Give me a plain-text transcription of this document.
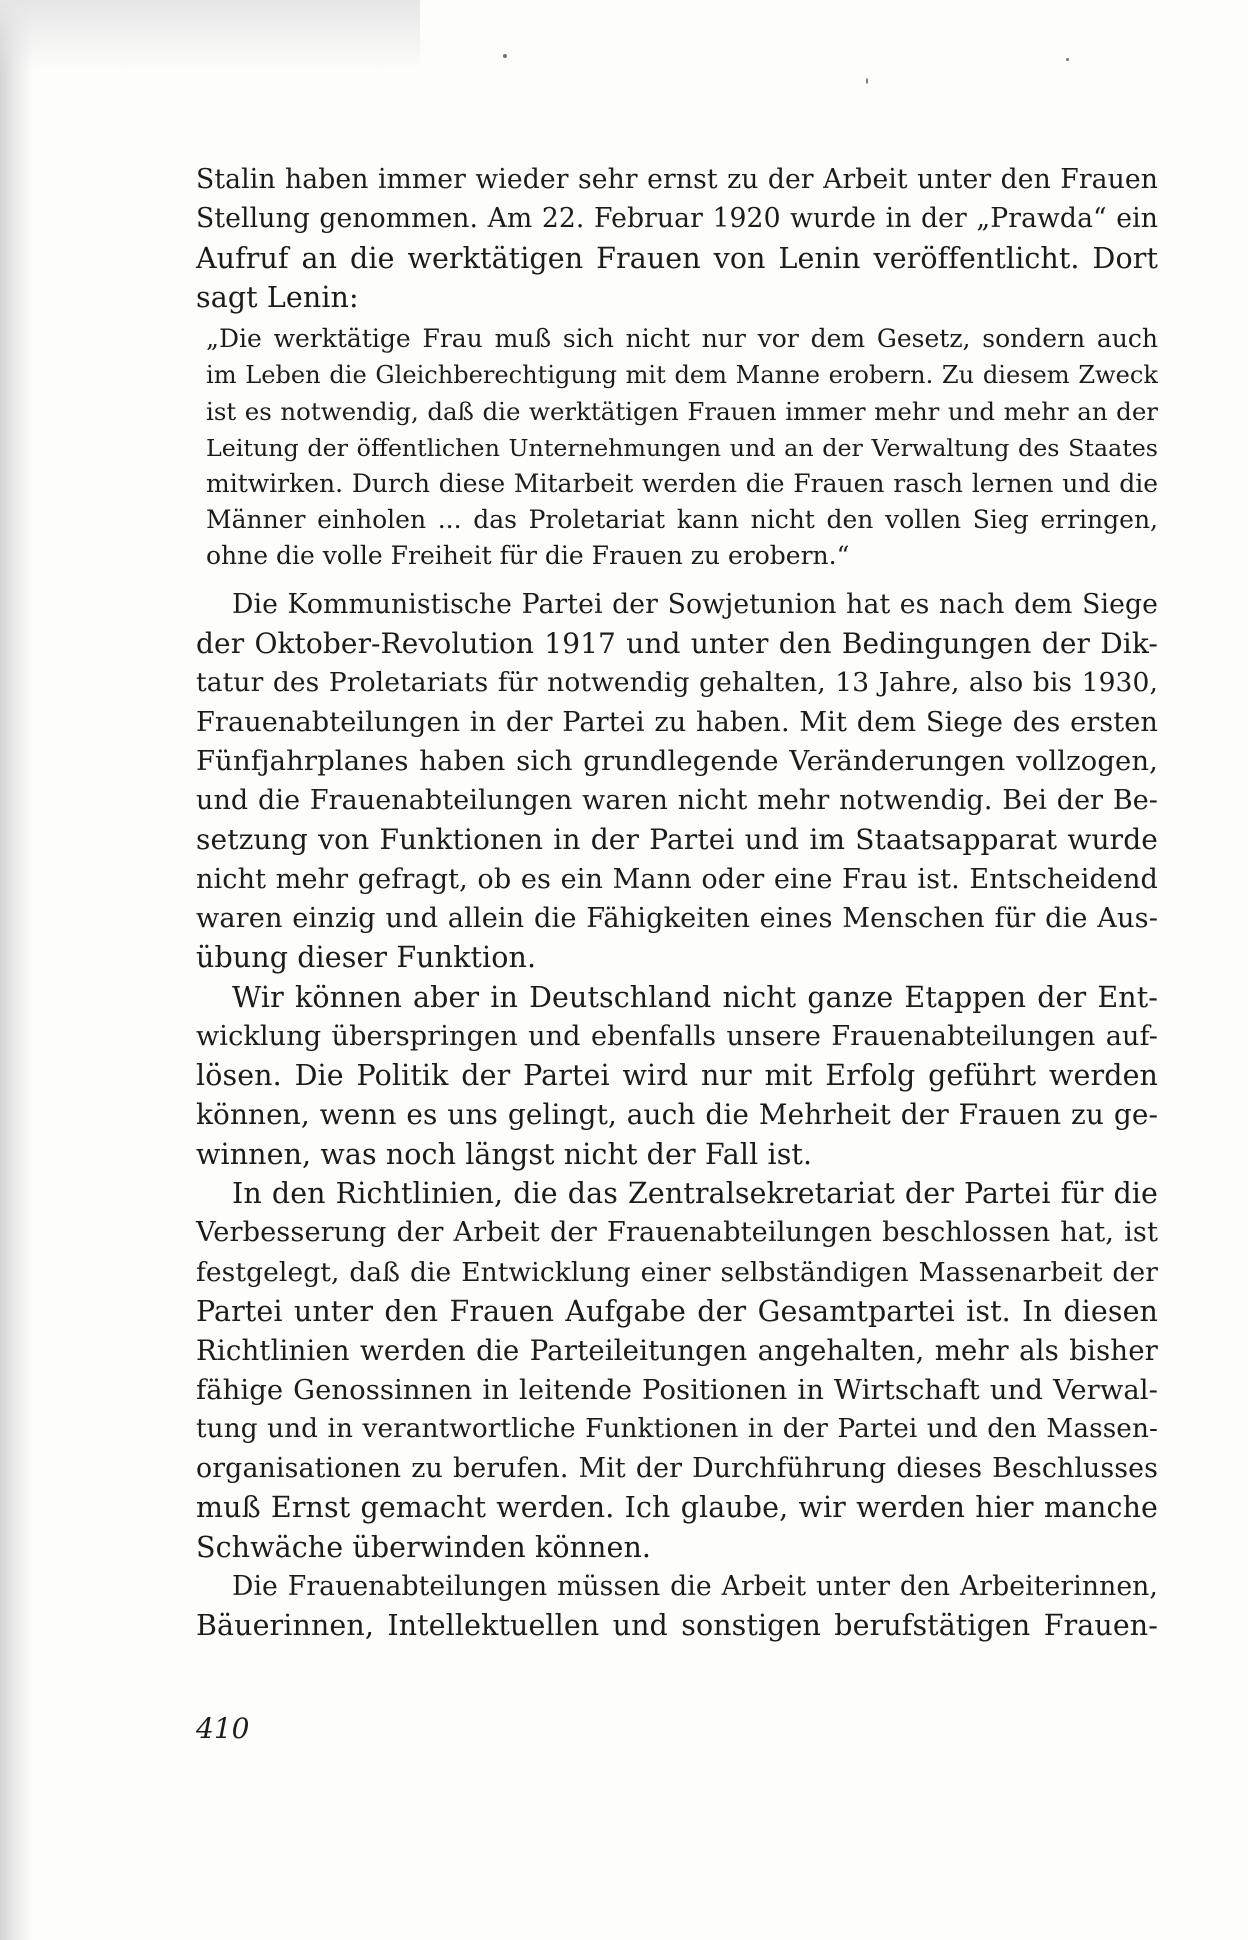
Stalin haben immer wieder sehr ernst zu der Arbeit unter den Frauen
Stellung genommen. Am 22. Februar 1920 wurde in der „Prawda“ ein
Aufruf an die werktätigen Frauen von Lenin veröffentlicht. Dort
sagt Lenin:
„Die werktätige Frau muß sich nicht nur vor dem Gesetz, sondern auch
im Leben die Gleichberechtigung mit dem Manne erobern. Zu diesem Zweck
ist es notwendig, daß die werktätigen Frauen immer mehr und mehr an der
Leitung der öffentlichen Unternehmungen und an der Verwaltung des Staates
mitwirken. Durch diese Mitarbeit werden die Frauen rasch lernen und die
Männer einholen ... das Proletariat kann nicht den vollen Sieg erringen,
ohne die volle Freiheit für die Frauen zu erobern.“
Die Kommunistische Partei der Sowjetunion hat es nach dem Siege
der Oktober-Revolution 1917 und unter den Bedingungen der Dik-
tatur des Proletariats für notwendig gehalten, 13 Jahre, also bis 1930,
Frauenabteilungen in der Partei zu haben. Mit dem Siege des ersten
Fünfjahrplanes haben sich grundlegende Veränderungen vollzogen,
und die Frauenabteilungen waren nicht mehr notwendig. Bei der Be-
setzung von Funktionen in der Partei und im Staatsapparat wurde
nicht mehr gefragt, ob es ein Mann oder eine Frau ist. Entscheidend
waren einzig und allein die Fähigkeiten eines Menschen für die Aus-
übung dieser Funktion.
Wir können aber in Deutschland nicht ganze Etappen der Ent-
wicklung überspringen und ebenfalls unsere Frauenabteilungen auf-
lösen. Die Politik der Partei wird nur mit Erfolg geführt werden
können, wenn es uns gelingt, auch die Mehrheit der Frauen zu ge-
winnen, was noch längst nicht der Fall ist.
In den Richtlinien, die das Zentralsekretariat der Partei für die
Verbesserung der Arbeit der Frauenabteilungen beschlossen hat, ist
festgelegt, daß die Entwicklung einer selbständigen Massenarbeit der
Partei unter den Frauen Aufgabe der Gesamtpartei ist. In diesen
Richtlinien werden die Parteileitungen angehalten, mehr als bisher
fähige Genossinnen in leitende Positionen in Wirtschaft und Verwal-
tung und in verantwortliche Funktionen in der Partei und den Massen-
organisationen zu berufen. Mit der Durchführung dieses Beschlusses
muß Ernst gemacht werden. Ich glaube, wir werden hier manche
Schwäche überwinden können.
Die Frauenabteilungen müssen die Arbeit unter den Arbeiterinnen,
Bäuerinnen, Intellektuellen und sonstigen berufstätigen Frauen-
410
